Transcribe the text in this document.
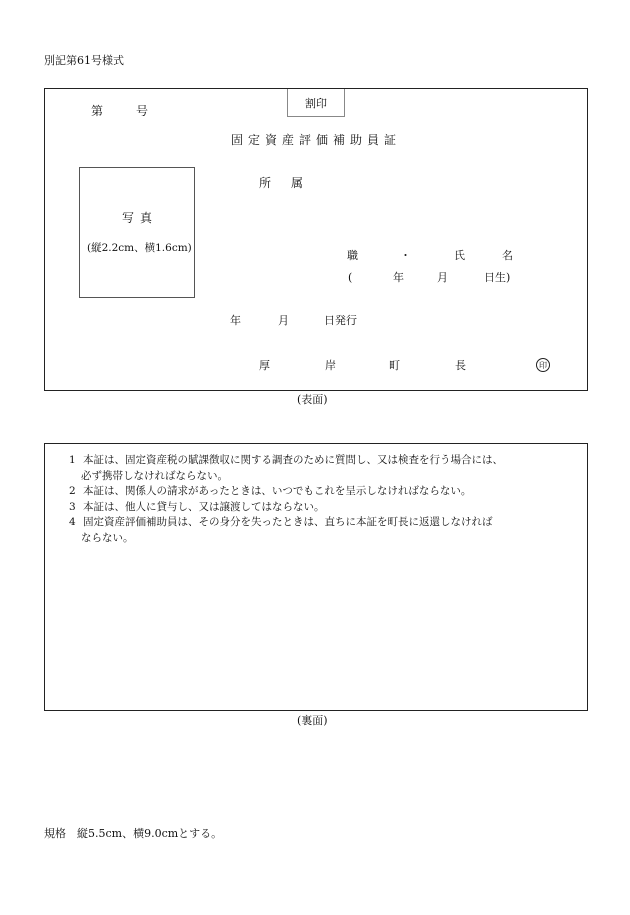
別記第61号様式
第	号
割印
固定資産評価補助員証
所　属
写真
(縦2.2cm、横1.6cm)
職	・	氏	名
(	年	月	日生)
年	月	日発行
厚	岸	町	長	印
(表面)
1 本証は、固定資産税の賦課徴収に関する調査のために質問し、又は検査を行う場合には、
必ず携帯しなければならない。
2 本証は、関係人の請求があったときは、いつでもこれを呈示しなければならない。
3 本証は、他人に貸与し、又は譲渡してはならない。
4 固定資産評価補助員は、その身分を失ったときは、直ちに本証を町長に返還しなければ
ならない。
(裏面)
規格　縦5.5cm、横9.0cmとする。
